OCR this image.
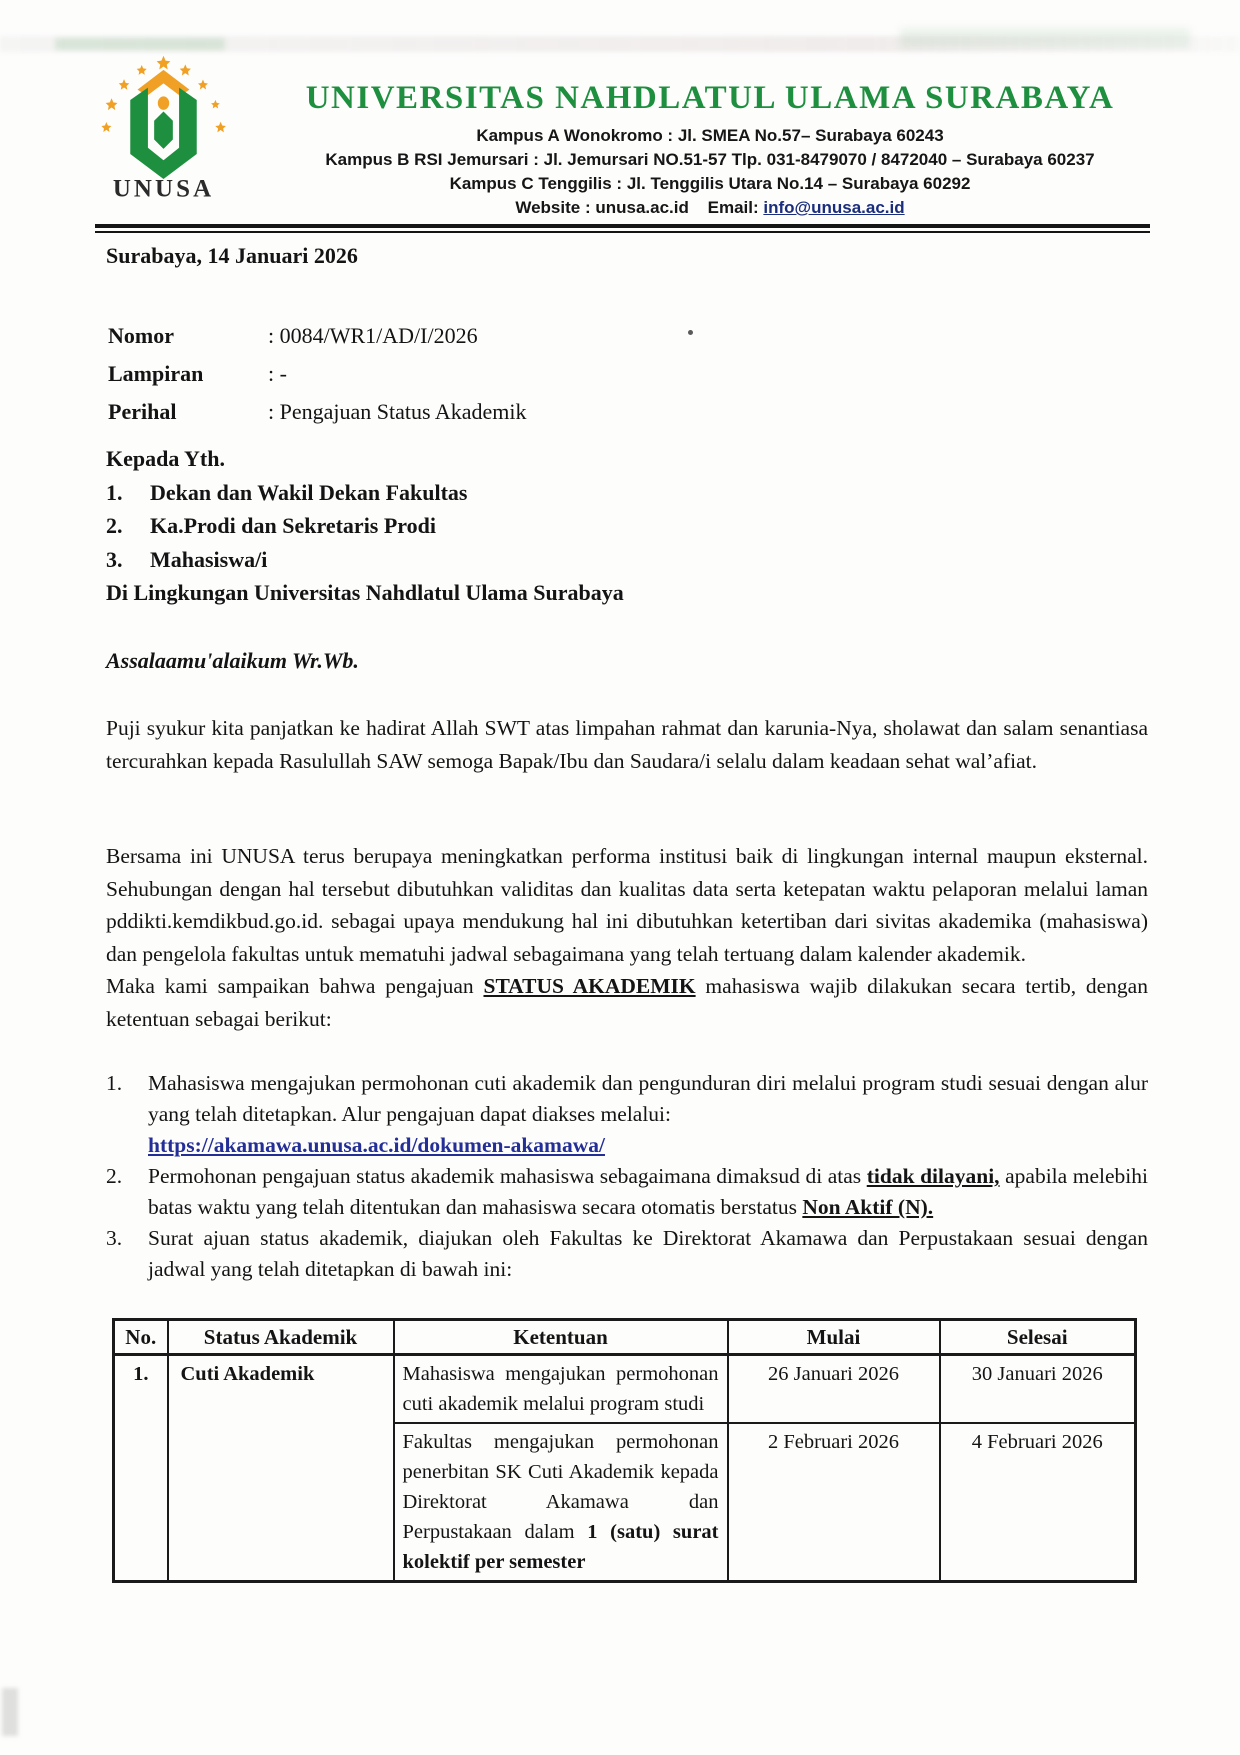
UNUSA
UNIVERSITAS NAHDLATUL ULAMA SURABAYA
Kampus A Wonokromo : Jl. SMEA No.57– Surabaya 60243
Kampus B RSI Jemursari : Jl. Jemursari NO.51-57 Tlp. 031-8479070 / 8472040 – Surabaya 60237
Kampus C Tenggilis : Jl. Tenggilis Utara No.14 – Surabaya 60292
Website : unusa.ac.id Email: info@unusa.ac.id
Surabaya, 14 Januari 2026
Nomor	: 0084/WR1/AD/I/2026
Lampiran	: -
Perihal	: Pengajuan Status Akademik
Kepada Yth.
1.	Dekan dan Wakil Dekan Fakultas
2.	Ka.Prodi dan Sekretaris Prodi
3.	Mahasiswa/i
Di Lingkungan Universitas Nahdlatul Ulama Surabaya
Assalaamu'alaikum Wr.Wb.
Puji syukur kita panjatkan ke hadirat Allah SWT atas limpahan rahmat dan karunia-Nya, sholawat dan salam senantiasa tercurahkan kepada Rasulullah SAW semoga Bapak/Ibu dan Saudara/i selalu dalam keadaan sehat wal’afiat.

Bersama ini UNUSA terus berupaya meningkatkan performa institusi baik di lingkungan internal maupun eksternal. Sehubungan dengan hal tersebut dibutuhkan validitas dan kualitas data serta ketepatan waktu pelaporan melalui laman pddikti.kemdikbud.go.id. sebagai upaya mendukung hal ini dibutuhkan ketertiban dari sivitas akademika (mahasiswa) dan pengelola fakultas untuk mematuhi jadwal sebagaimana yang telah tertuang dalam kalender akademik.

Maka kami sampaikan bahwa pengajuan STATUS AKADEMIK mahasiswa wajib dilakukan secara tertib, dengan ketentuan sebagai berikut:

1.	Mahasiswa mengajukan permohonan cuti akademik dan pengunduran diri melalui program studi sesuai dengan alur yang telah ditetapkan. Alur pengajuan dapat diakses melalui:
https://akamawa.unusa.ac.id/dokumen-akamawa/
2.	Permohonan pengajuan status akademik mahasiswa sebagaimana dimaksud di atas tidak dilayani, apabila melebihi batas waktu yang telah ditentukan dan mahasiswa secara otomatis berstatus Non Aktif (N).
3.	Surat ajuan status akademik, diajukan oleh Fakultas ke Direktorat Akamawa dan Perpustakaan sesuai dengan jadwal yang telah ditetapkan di bawah ini:
No.	Status Akademik	Ketentuan	Mulai	Selesai
1.	Cuti Akademik	Mahasiswa mengajukan permohonan cuti akademik melalui program studi	26 Januari 2026	30 Januari 2026
		Fakultas mengajukan permohonan penerbitan SK Cuti Akademik kepada Direktorat Akamawa dan Perpustakaan dalam 1 (satu) surat kolektif per semester	2 Februari 2026	4 Februari 2026
